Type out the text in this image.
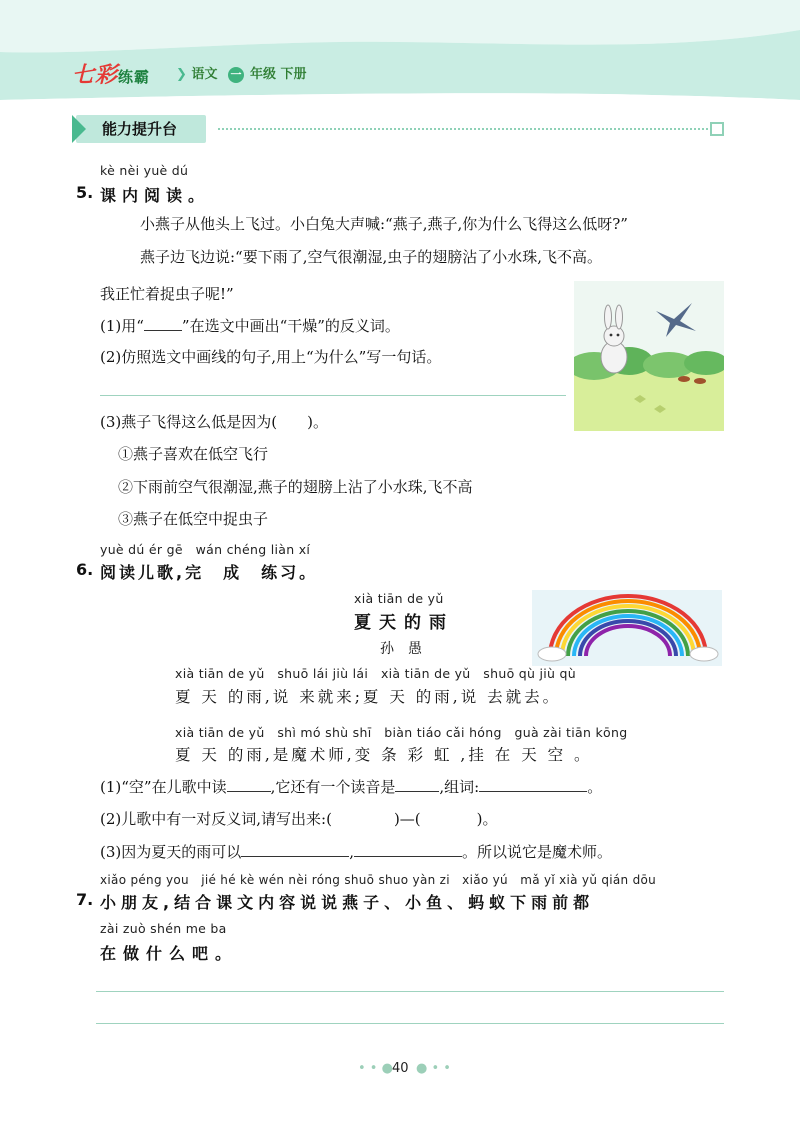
七彩练霸 ❯ 语文 一 年级 下册
能力提升台
kè nèi yuè dú
5. 课内阅读。
小燕子从他头上飞过。小白兔大声喊:“燕子,燕子,你为什么飞得这么低呀?”
燕子边飞边说:“要下雨了,空气很潮湿,虫子的翅膀沾了小水珠,飞不高。
我正忙着捉虫子呢!”
(1)用“	”在选文中画出“干燥”的反义词。
(2)仿照选文中画线的句子,用上“为什么”写一句话。
(3)燕子飞得这么低是因为(　　)。
①燕子喜欢在低空飞行
②下雨前空气很潮湿,燕子的翅膀上沾了小水珠,飞不高
③燕子在低空中捉虫子
yuè dú ér gē　wán chéng liàn xí
6. 阅读儿歌,完　成　练习。
xià tiān de yǔ
夏天的雨
孙　愚
xià tiān de yǔ　shuō lái jiù lái　xià tiān de yǔ　shuō qù jiù qù
夏 天 的雨,说 来就来;夏 天 的雨,说 去就去。
xià tiān de yǔ　shì mó shù shī　biàn tiáo cǎi hóng　guà zài tiān kōng
夏 天 的雨,是魔术师,变 条 彩 虹 ,挂 在 天 空 。
(1)“空”在儿歌中读	,它还有一个读音是	,组词:	。
(2)儿歌中有一对反义词,请写出来:(	)—(	)。
(3)因为夏天的雨可以	,	。所以说它是魔术师。
xiǎo péng you　jié hé kè wén nèi róng shuō shuo yàn zi　xiǎo yú　mǎ yǐ xià yǔ qián dōu
7. 小朋友,结合课文内容说说燕子、小鱼、蚂蚁下雨前都
zài zuò shén me ba
在做什么吧。
• • ● 40 ● • •
